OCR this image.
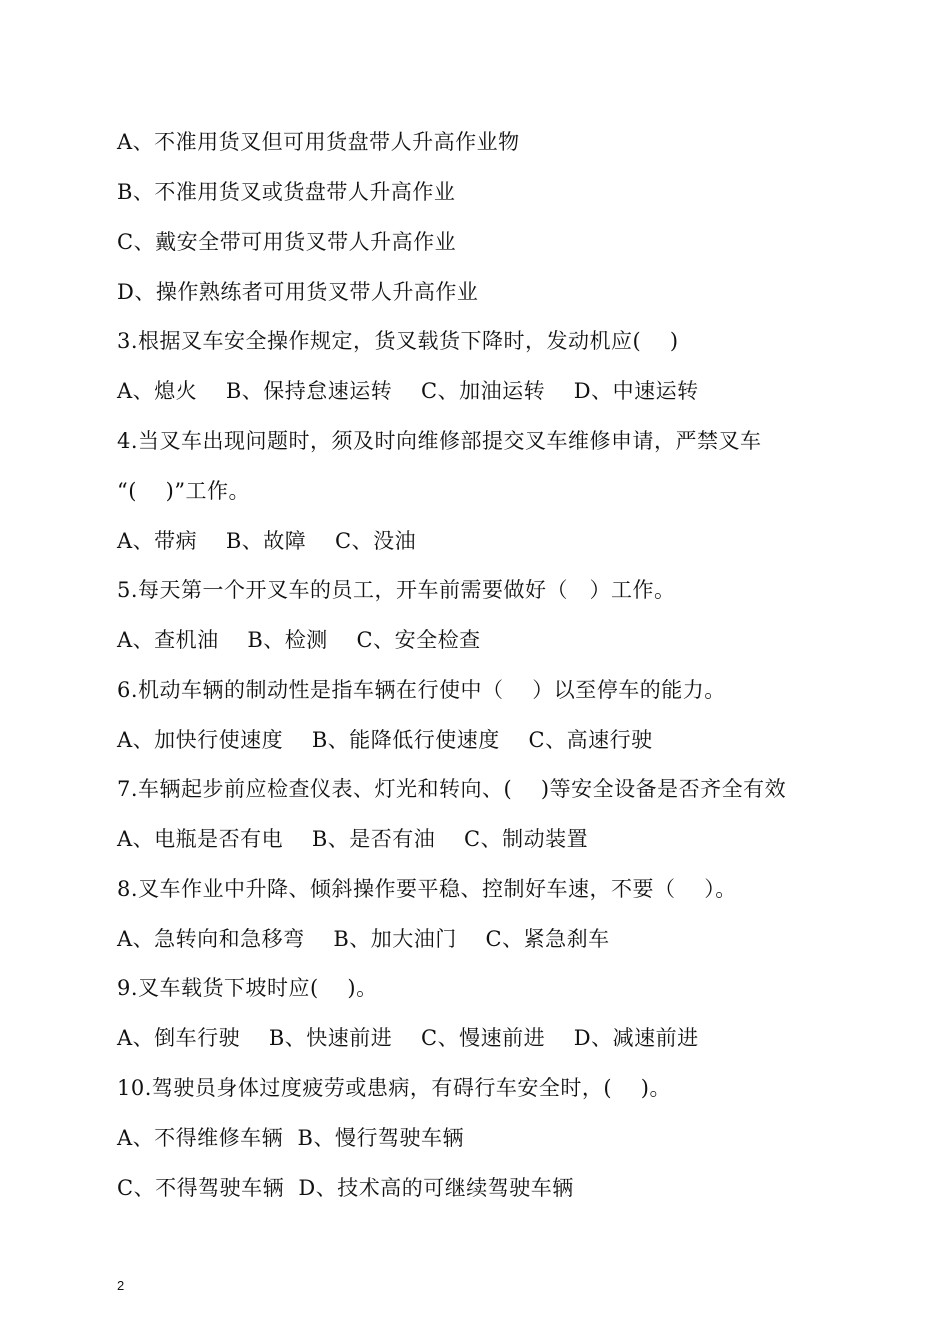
A、不准用货叉但可用货盘带人升高作业物
B、不准用货叉或货盘带人升高作业
C、戴安全带可用货叉带人升高作业
D、操作熟练者可用货叉带人升高作业
3.根据叉车安全操作规定，货叉载货下降时，发动机应(    )
A、熄火    B、保持怠速运转    C、加油运转    D、中速运转
4.当叉车出现问题时，须及时向维修部提交叉车维修申请，严禁叉车
“(    )”工作。
A、带病    B、故障    C、没油
5.每天第一个开叉车的员工，开车前需要做好（   ）工作。
A、查机油    B、检测    C、安全检查
6.机动车辆的制动性是指车辆在行使中（    ）以至停车的能力。
A、加快行使速度    B、能降低行使速度    C、高速行驶
7.车辆起步前应检查仪表、灯光和转向、(    )等安全设备是否齐全有效
A、电瓶是否有电    B、是否有油    C、制动装置
8.叉车作业中升降、倾斜操作要平稳、控制好车速，不要（    ）。
A、急转向和急移弯    B、加大油门    C、紧急刹车
9.叉车载货下坡时应(    )。
A、倒车行驶    B、快速前进    C、慢速前进    D、减速前进
10.驾驶员身体过度疲劳或患病，有碍行车安全时，(    )。
A、不得维修车辆  B、慢行驾驶车辆
C、不得驾驶车辆  D、技术高的可继续驾驶车辆
2
